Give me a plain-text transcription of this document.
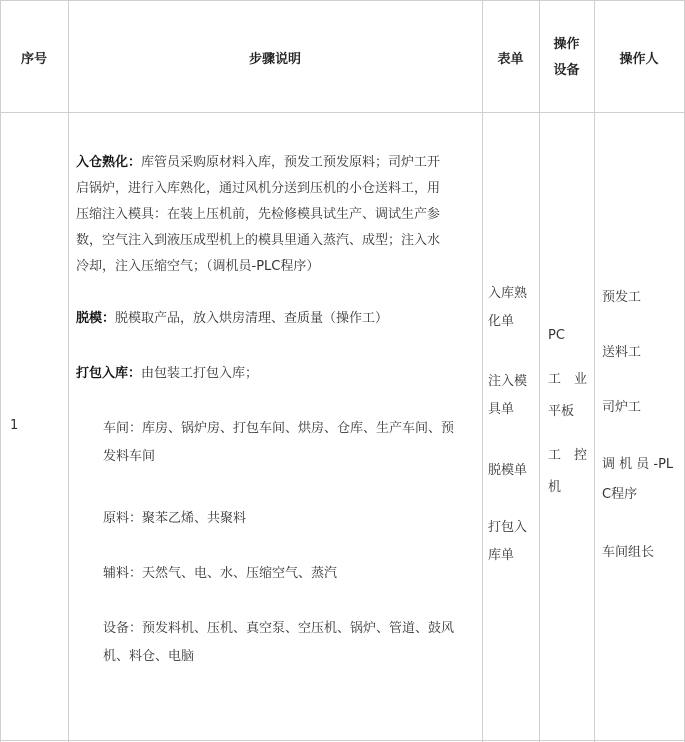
序号	步骤说明	表单
操作
设备
操作人
1
入仓熟化：库管员采购原材料入库，预发工预发原料；司炉工开
启锅炉，进行入库熟化，通过风机分送到压机的小仓送料工，用
压缩注入模具：在装上压机前，先检修模具试生产、调试生产参
数，空气注入到液压成型机上的模具里通入蒸汽、成型；注入水
冷却，注入压缩空气；（调机员-PLC程序）
脱模：脱模取产品，放入烘房清理、查质量（操作工）
打包入库：由包装工打包入库；
车间：库房、锅炉房、打包车间、烘房、仓库、生产车间、预
发料车间
原料：聚苯乙烯、共聚料
辅料：天然气、电、水、压缩空气、蒸汽
设备：预发料机、压机、真空泵、空压机、锅炉、管道、鼓风
机、料仓、电脑
入库熟
化单
注入模
具单
脱模单
打包入
库单
PC
工　业
平板
工　控
机
预发工
送料工
司炉工
调 机 员 -PL
C程序
车间组长
